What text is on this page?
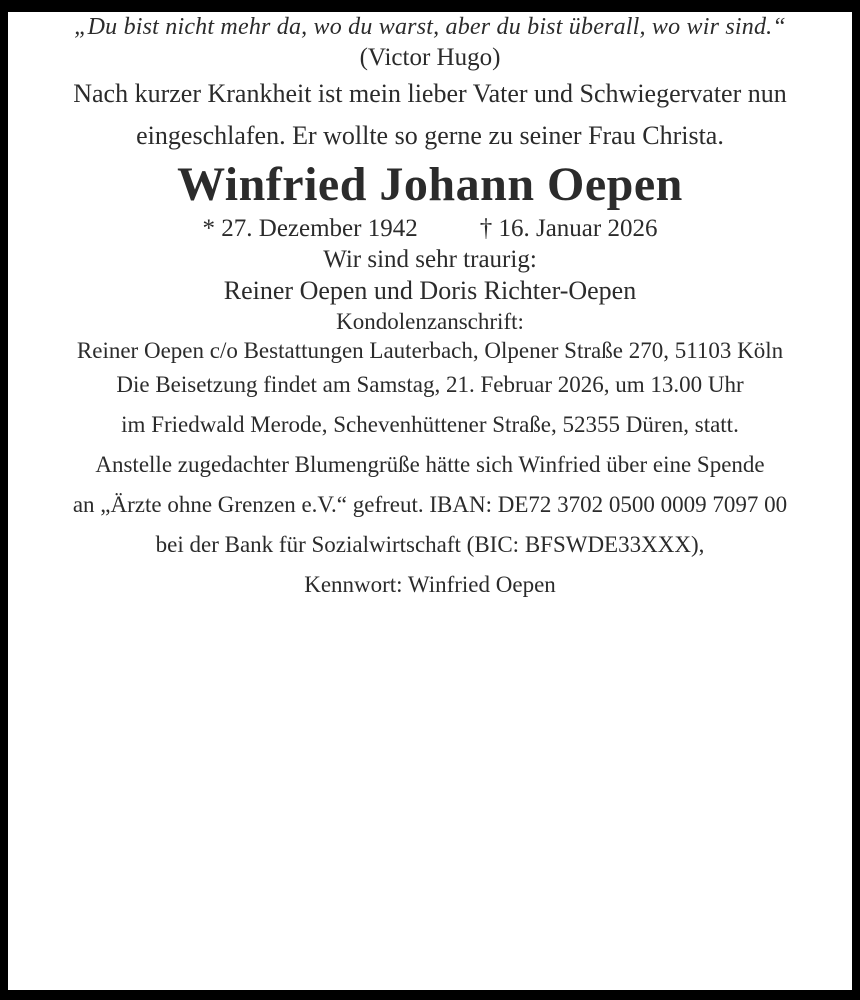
„Du bist nicht mehr da, wo du warst, aber du bist überall, wo wir sind.“

(Victor Hugo)

Nach kurzer Krankheit ist mein lieber Vater und Schwiegervater nun
eingeschlafen. Er wollte so gerne zu seiner Frau Christa.

Winfried Johann Oepen

* 27. Dezember 1942 † 16. Januar 2026

Wir sind sehr traurig:

Reiner Oepen und Doris Richter-Oepen

Kondolenzanschrift:

Reiner Oepen c/o Bestattungen Lauterbach, Olpener Straße 270, 51103 Köln

Die Beisetzung findet am Samstag, 21. Februar 2026, um 13.00 Uhr
im Friedwald Merode, Schevenhüttener Straße, 52355 Düren, statt.

Anstelle zugedachter Blumengrüße hätte sich Winfried über eine Spende
an „Ärzte ohne Grenzen e.V.“ gefreut. IBAN: DE72 3702 0500 0009 7097 00
bei der Bank für Sozialwirtschaft (BIC: BFSWDE33XXX),
Kennwort: Winfried Oepen
